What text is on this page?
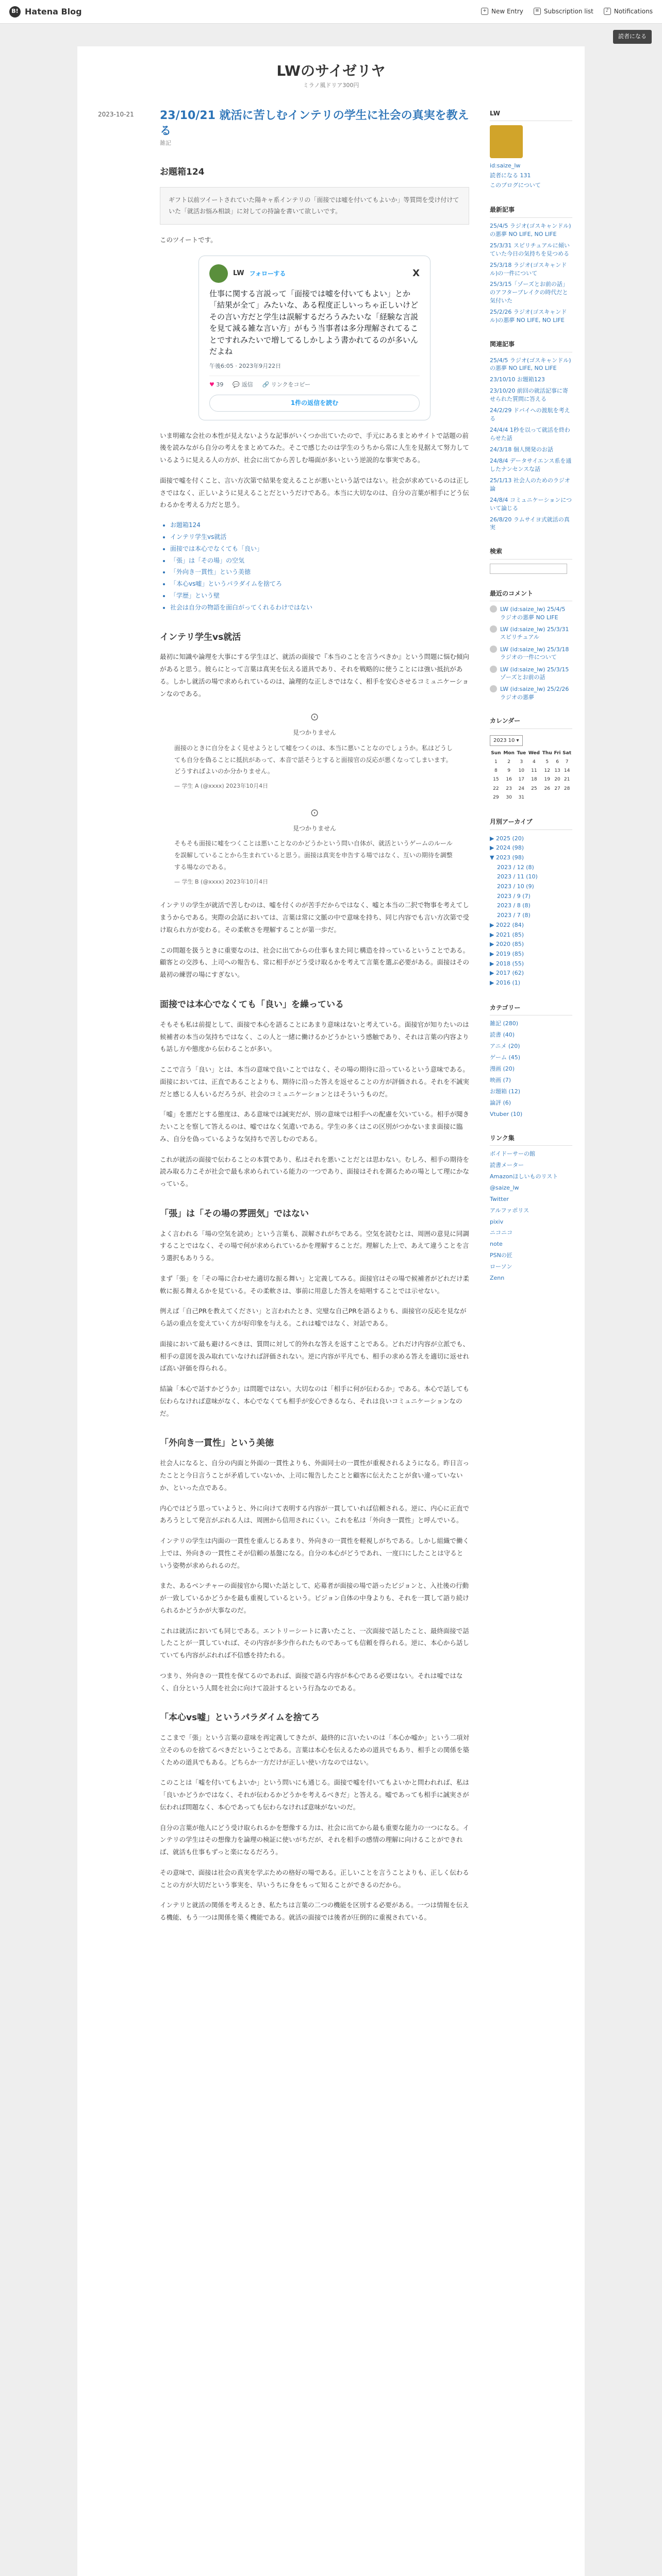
B! Hatena Blog	+ New Entry	≡ Subscription list	♪ Notifications
読者になる
LWのサイゼリヤ

ミラノ風ドリア300円

2023-10-21 23/10/21 就活に苦しむインテリの学生に社会の真実を教える
雑記
お題箱124
ギフト以前ツイートされていた陽キャ系インテリの「面接では嘘を付いてもよいか」等質問を受け付けていた「就活お悩み相談」に対しての持論を書いて欲しいです。

このツイートです。

LW フォローする	X
仕事に関する言説って「面接では嘘を付いてもよい」とか「結果が全て」みたいな、ある程度正しいっちゃ正しいけどその言い方だと学生は誤解するだろうみたいな「経験な言説を見て減る雑な言い方」がもう当事者は多分理解されてることですれみたいで増してるしかしよう書かれてるのが多いんだよね
午後6:05 · 2023年9月22日
♥ 39 💬 返信 🔗 リンクをコピー
1件の返信を読む

いま明確な会社の本性が見えないような記事がいくつか出ていたので、手元にあるまとめサイトで話題の前後を読みながら自分の考えをまとめてみた。そこで感じたのは学生のうちから常に人生を見据えて努力しているように見える人の方が、社会に出てから苦しむ場面が多いという逆説的な事実である。

面接で嘘を付くこと、言い方次第で結果を変えることが悪いという話ではない。社会が求めているのは正しさではなく、正しいように見えることだというだけである。本当に大切なのは、自分の言葉が相手にどう伝わるかを考える力だと思う。

• お題箱124
• インテリ学生vs就活
• 面接では本心でなくても「良い」
• 「張」は「その場」の空気
• 「外向き一貫性」という美徳
• 「本心vs嘘」というパラダイムを捨てろ
• 「学歴」という壁
• 社会は自分の物語を面白がってくれるわけではない
インテリ学生vs就活

最初に知識や論理を大事にする学生ほど、就活の面接で『本当のことを言うべきか』という問題に悩む傾向があると思う。彼らにとって言葉は真実を伝える道具であり、それを戦略的に使うことには強い抵抗がある。しかし就活の場で求められているのは、論理的な正しさではなく、相手を安心させるコミュニケーションなのである。

⊙
見つかりません
面接のときに自分をよく見せようとして嘘をつくのは、本当に悪いことなのでしょうか。私はどうしても自分を偽ることに抵抗があって、本音で話そうとすると面接官の反応が悪くなってしまいます。どうすればよいのか分かりません。
— 学生 A (@xxxx) 2023年10月4日
⊙
見つかりません
そもそも面接に嘘をつくことは悪いことなのかどうかという問い自体が、就活というゲームのルールを誤解していることから生まれていると思う。面接は真実を申告する場ではなく、互いの期待を調整する場なのである。
— 学生 B (@xxxx) 2023年10月4日

インテリの学生が就活で苦しむのは、嘘を付くのが苦手だからではなく、嘘と本当の二択で物事を考えてしまうからである。実際の会話においては、言葉は常に文脈の中で意味を持ち、同じ内容でも言い方次第で受け取られ方が変わる。その柔軟さを理解することが第一歩だ。

この問題を扱うときに重要なのは、社会に出てからの仕事もまた同じ構造を持っているということである。顧客との交渉も、上司への報告も、常に相手がどう受け取るかを考えて言葉を選ぶ必要がある。面接はその最初の練習の場にすぎない。

面接では本心でなくても「良い」を繰っている

そもそも私は前提として、面接で本心を語ることにあまり意味はないと考えている。面接官が知りたいのは候補者の本当の気持ちではなく、この人と一緒に働けるかどうかという感触であり、それは言葉の内容よりも話し方や態度から伝わることが多い。

ここで言う「良い」とは、本当の意味で良いことではなく、その場の期待に沿っているという意味である。面接においては、正直であることよりも、期待に沿った答えを返せることの方が評価される。それを不誠実だと感じる人もいるだろうが、社会のコミュニケーションとはそういうものだ。

「嘘」を悪だとする態度は、ある意味では誠実だが、別の意味では相手への配慮を欠いている。相手が聞きたいことを察して答えるのは、嘘ではなく気遣いである。学生の多くはこの区別がつかないまま面接に臨み、自分を偽っているような気持ちで苦しむのである。

これが就活の面接で伝わることの本質であり、私はそれを悪いことだとは思わない。むしろ、相手の期待を読み取る力こそが社会で最も求められている能力の一つであり、面接はそれを測るための場として理にかなっている。

「張」は「その場の雰囲気」ではない

よく言われる「場の空気を読め」という言葉も、誤解されがちである。空気を読むとは、周囲の意見に同調することではなく、その場で何が求められているかを理解することだ。理解した上で、あえて違うことを言う選択もありうる。

まず「張」を「その場に合わせた適切な振る舞い」と定義してみる。面接官はその場で候補者がどれだけ柔軟に振る舞えるかを見ている。その柔軟さは、事前に用意した答えを暗唱することでは示せない。

例えば「自己PRを教えてください」と言われたとき、完璧な自己PRを語るよりも、面接官の反応を見ながら話の重点を変えていく方が好印象を与える。これは嘘ではなく、対話である。

面接において最も避けるべきは、質問に対して的外れな答えを返すことである。どれだけ内容が立派でも、相手の意図を汲み取れていなければ評価されない。逆に内容が平凡でも、相手の求める答えを適切に返せれば高い評価を得られる。

結論「本心で話すかどうか」は問題ではない。大切なのは「相手に何が伝わるか」である。本心で話しても伝わらなければ意味がなく、本心でなくても相手が安心できるなら、それは良いコミュニケーションなのだ。

「外向き一貫性」という美徳

社会人になると、自分の内面と外面の一貫性よりも、外面同士の一貫性が重視されるようになる。昨日言ったことと今日言うことが矛盾していないか、上司に報告したことと顧客に伝えたことが食い違っていないか、といった点である。

内心ではどう思っていようと、外に向けて表明する内容が一貫していれば信頼される。逆に、内心に正直であろうとして発言がぶれる人は、周囲から信用されにくい。これを私は「外向き一貫性」と呼んでいる。

インテリの学生は内面の一貫性を重んじるあまり、外向きの一貫性を軽視しがちである。しかし組織で働く上では、外向きの一貫性こそが信頼の基盤になる。自分の本心がどうであれ、一度口にしたことは守るという姿勢が求められるのだ。

また、あるベンチャーの面接官から聞いた話として、応募者が面接の場で語ったビジョンと、入社後の行動が一致しているかどうかを最も重視しているという。ビジョン自体の中身よりも、それを一貫して語り続けられるかどうかが大事なのだ。

これは就活においても同じである。エントリーシートに書いたこと、一次面接で話したこと、最終面接で話したことが一貫していれば、その内容が多少作られたものであっても信頼を得られる。逆に、本心から話していても内容がぶれれば不信感を持たれる。

つまり、外向きの一貫性を保てるのであれば、面接で語る内容が本心である必要はない。それは嘘ではなく、自分という人間を社会に向けて設計するという行為なのである。

「本心vs嘘」というパラダイムを捨てろ

ここまで「張」という言葉の意味を再定義してきたが、最終的に言いたいのは「本心か嘘か」という二項対立そのものを捨てるべきだということである。言葉は本心を伝えるための道具でもあり、相手との関係を築くための道具でもある。どちらか一方だけが正しい使い方なのではない。

このことは「嘘を付いてもよいか」という問いにも通じる。面接で嘘を付いてもよいかと問われれば、私は「良いかどうかではなく、それが伝わるかどうかを考えるべきだ」と答える。嘘であっても相手に誠実さが伝われば問題なく、本心であっても伝わらなければ意味がないのだ。

自分の言葉が他人にどう受け取られるかを想像する力は、社会に出てから最も重要な能力の一つになる。インテリの学生はその想像力を論理の検証に使いがちだが、それを相手の感情の理解に向けることができれば、就活も仕事もずっと楽になるだろう。

その意味で、面接は社会の真実を学ぶための格好の場である。正しいことを言うことよりも、正しく伝わることの方が大切だという事実を、早いうちに身をもって知ることができるのだから。

インテリと就活の関係を考えるとき、私たちは言葉の二つの機能を区別する必要がある。一つは情報を伝える機能、もう一つは関係を築く機能である。就活の面接では後者が圧倒的に重視されている。

LW
id:saize_lw
読者になる 131
このブログについて
最新記事
25/4/5 ラジオ(ゴスキャンドル)の悪夢 NO LIFE, NO LIFE
25/3/31 スピリチュアルに傾いていた今日の気持ちを見つめる
25/3/18 ラジオ(ゴスキャンドル)の一件について
25/3/15「ゾーズとお前の話」のアフターブレイクの時代だと気付いた
25/2/26 ラジオ(ゴスキャンドル)の悪夢 NO LIFE, NO LIFE
関連記事
25/4/5 ラジオ(ゴスキャンドル)の悪夢 NO LIFE, NO LIFE
23/10/10 お題箱123
23/10/20 前回の就活記事に寄せられた質問に答える
24/2/29 ドバイへの渡航を考える
24/4/4 1秒を以って就活を終わらせた話
24/3/18 個人開発のお話
24/8/4 データサイエンス系を通したナンセンスな話
25/1/13 社会人のためのラジオ論
24/8/4 コミュニケーションについて論じる
26/8/20 ラムサイヨ式就活の真実
検索
最近のコメント
LW (id:saize_lw) 25/4/5 ラジオの悪夢 NO LIFE
LW (id:saize_lw) 25/3/31 スピリチュアル
LW (id:saize_lw) 25/3/18 ラジオの一件について
LW (id:saize_lw) 25/3/15 ゾーズとお前の話
LW (id:saize_lw) 25/2/26 ラジオの悪夢
カレンダー
2023 10 ▾
Sun	Mon	Tue	Wed	Thu	Fri	Sat
1	2	3	4	5	6	7
8	9	10	11	12	13	14
15	16	17	18	19	20	21
22	23	24	25	26	27	28
29	30	31				
月別アーカイブ
▶ 2025 (20)
▶ 2024 (98)
▼ 2023 (98)
2023 / 12 (8)
2023 / 11 (10)
2023 / 10 (9)
2023 / 9 (7)
2023 / 8 (8)
2023 / 7 (8)
▶ 2022 (84)
▶ 2021 (85)
▶ 2020 (85)
▶ 2019 (85)
▶ 2018 (55)
▶ 2017 (62)
▶ 2016 (1)
カテゴリー
雑記 (280)
読書 (40)
アニメ (20)
ゲーム (45)
漫画 (20)
映画 (7)
お題箱 (12)
論評 (6)
Vtuber (10)
リンク集
ボイドーサーの館
読書メーター
Amazonほしいものリスト
@saize_lw
Twitter
アルファポリス
pixiv
ニコニコ
note
PSNの匠
ローソン
Zenn
